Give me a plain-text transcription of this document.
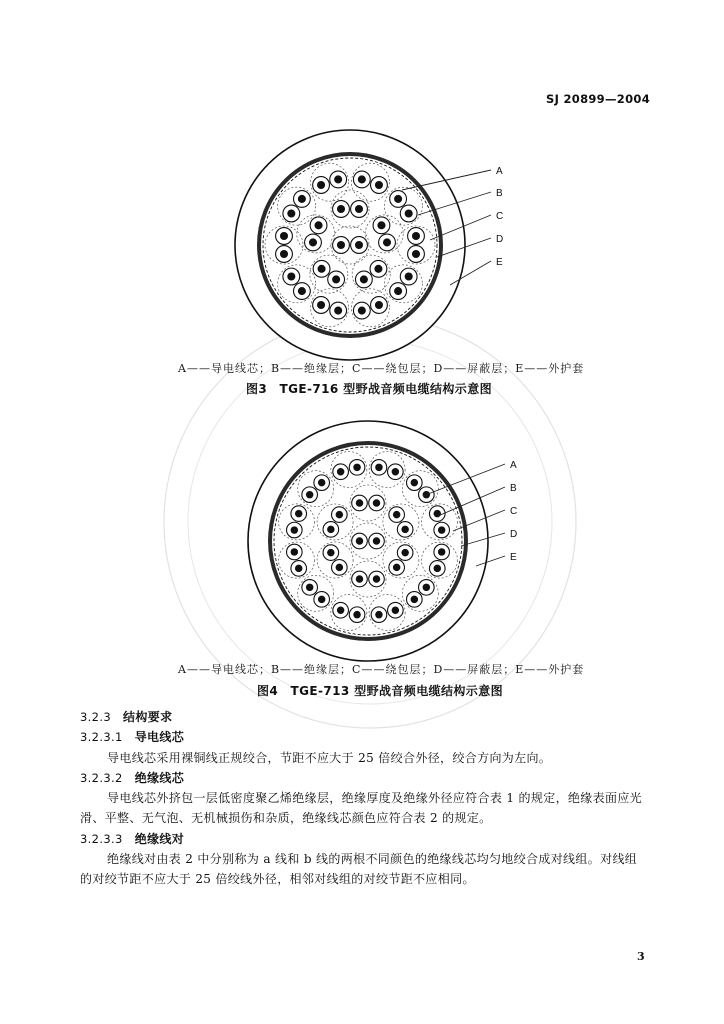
SJ 20899—2004
A
B
C
D
E
A——导电线芯；B——绝缘层；C——绕包层；D——屏蔽层；E——外护套
图3　TGE-716 型野战音频电缆结构示意图
A
B
C
D
E
A——导电线芯；B——绝缘层；C——绕包层；D——屏蔽层；E——外护套
图4　TGE-713 型野战音频电缆结构示意图
3.2.3 结构要求
3.2.3.1 导电线芯

导电线芯采用裸铜线正规绞合，节距不应大于 25 倍绞合外径，绞合方向为左向。

3.2.3.2 绝缘线芯

导电线芯外挤包一层低密度聚乙烯绝缘层，绝缘厚度及绝缘外径应符合表 1 的规定，绝缘表面应光滑、平整、无气泡、无机械损伤和杂质，绝缘线芯颜色应符合表 2 的规定。

3.2.3.3 绝缘线对

绝缘线对由表 2 中分别称为 a 线和 b 线的两根不同颜色的绝缘线芯均匀地绞合成对线组。对线组的对绞节距不应大于 25 倍绞线外径，相邻对线组的对绞节距不应相同。

3
